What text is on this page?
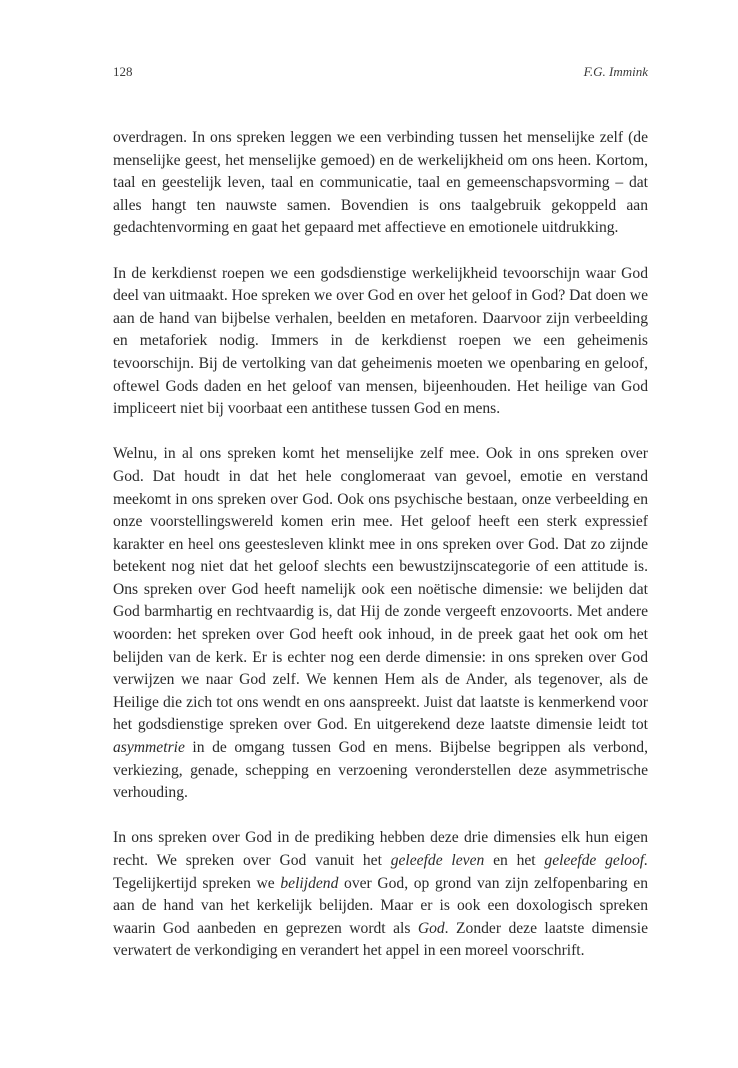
128	F.G. Immink

overdragen. In ons spreken leggen we een verbinding tussen het menselijke zelf (de menselijke geest, het menselijke gemoed) en de werkelijkheid om ons heen. Kortom, taal en geestelijk leven, taal en communicatie, taal en gemeenschapsvorming – dat alles hangt ten nauwste samen. Bovendien is ons taalgebruik gekoppeld aan gedachtenvorming en gaat het gepaard met affectieve en emotionele uitdrukking.

In de kerkdienst roepen we een godsdienstige werkelijkheid tevoorschijn waar God deel van uitmaakt. Hoe spreken we over God en over het geloof in God? Dat doen we aan de hand van bijbelse verhalen, beelden en metaforen. Daarvoor zijn verbeelding en metaforiek nodig. Immers in de kerkdienst roepen we een geheimenis tevoorschijn. Bij de vertolking van dat geheimenis moeten we openbaring en geloof, oftewel Gods daden en het geloof van mensen, bijeenhouden. Het heilige van God impliceert niet bij voorbaat een antithese tussen God en mens.

Welnu, in al ons spreken komt het menselijke zelf mee. Ook in ons spreken over God. Dat houdt in dat het hele conglomeraat van gevoel, emotie en verstand meekomt in ons spreken over God. Ook ons psychische bestaan, onze verbeelding en onze voorstellingswereld komen erin mee. Het geloof heeft een sterk expressief karakter en heel ons geestesleven klinkt mee in ons spreken over God. Dat zo zijnde betekent nog niet dat het geloof slechts een bewustzijnscategorie of een attitude is. Ons spreken over God heeft namelijk ook een noëtische dimensie: we belijden dat God barmhartig en rechtvaardig is, dat Hij de zonde vergeeft enzovoorts. Met andere woorden: het spreken over God heeft ook inhoud, in de preek gaat het ook om het belijden van de kerk. Er is echter nog een derde dimensie: in ons spreken over God verwijzen we naar God zelf. We kennen Hem als de Ander, als tegenover, als de Heilige die zich tot ons wendt en ons aanspreekt. Juist dat laatste is kenmerkend voor het godsdienstige spreken over God. En uitgerekend deze laatste dimensie leidt tot asymmetrie in de omgang tussen God en mens. Bijbelse begrippen als verbond, verkiezing, genade, schepping en verzoening veronderstellen deze asymmetrische verhouding.

In ons spreken over God in de prediking hebben deze drie dimensies elk hun eigen recht. We spreken over God vanuit het geleefde leven en het geleefde geloof. Tegelijkertijd spreken we belijdend over God, op grond van zijn zelfopenbaring en aan de hand van het kerkelijk belijden. Maar er is ook een doxologisch spreken waarin God aanbeden en geprezen wordt als God. Zonder deze laatste dimensie verwatert de verkondiging en verandert het appel in een moreel voorschrift.
